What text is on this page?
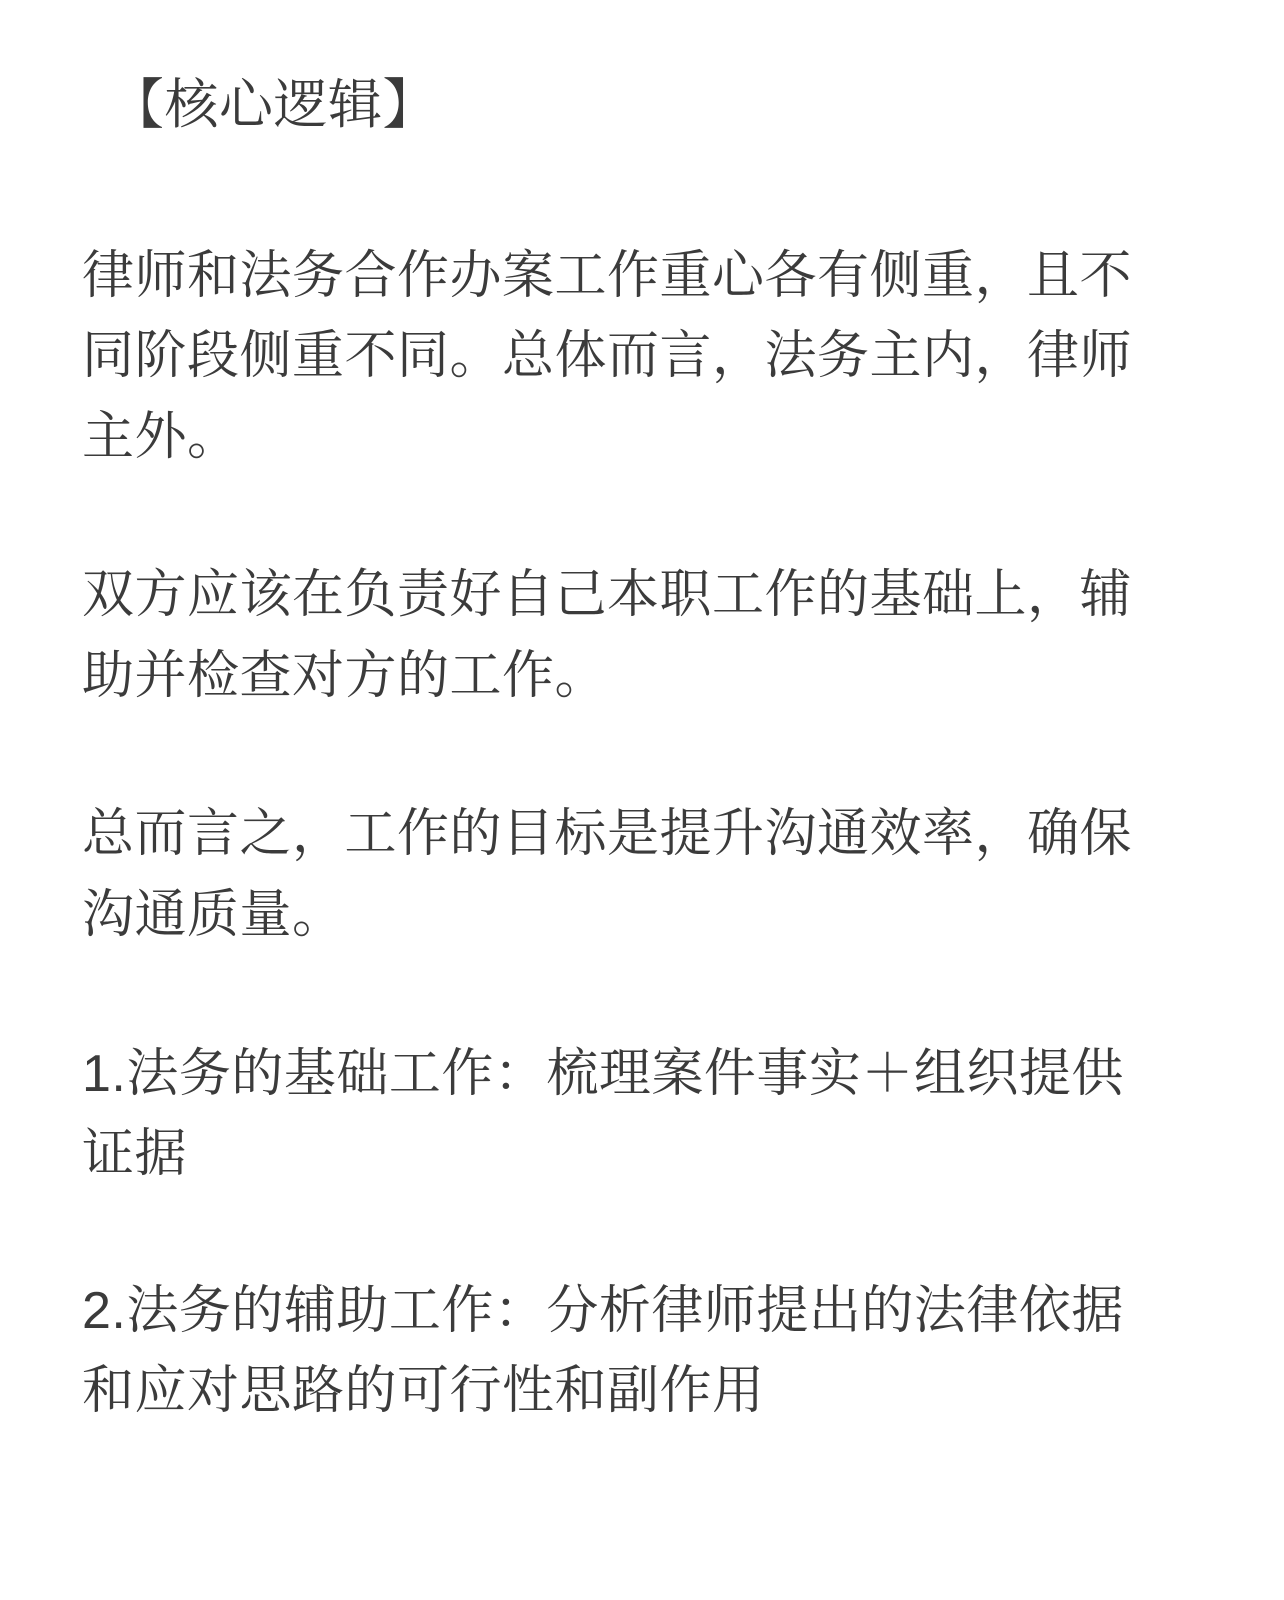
【核心逻辑】

律师和法务合作办案工作重心各有侧重，且不同阶段侧重不同。总体而言，法务主内，律师主外。

双方应该在负责好自己本职工作的基础上，辅助并检查对方的工作。

总而言之，工作的目标是提升沟通效率，确保沟通质量。

1.法务的基础工作：梳理案件事实＋组织提供证据

2.法务的辅助工作：分析律师提出的法律依据和应对思路的可行性和副作用
